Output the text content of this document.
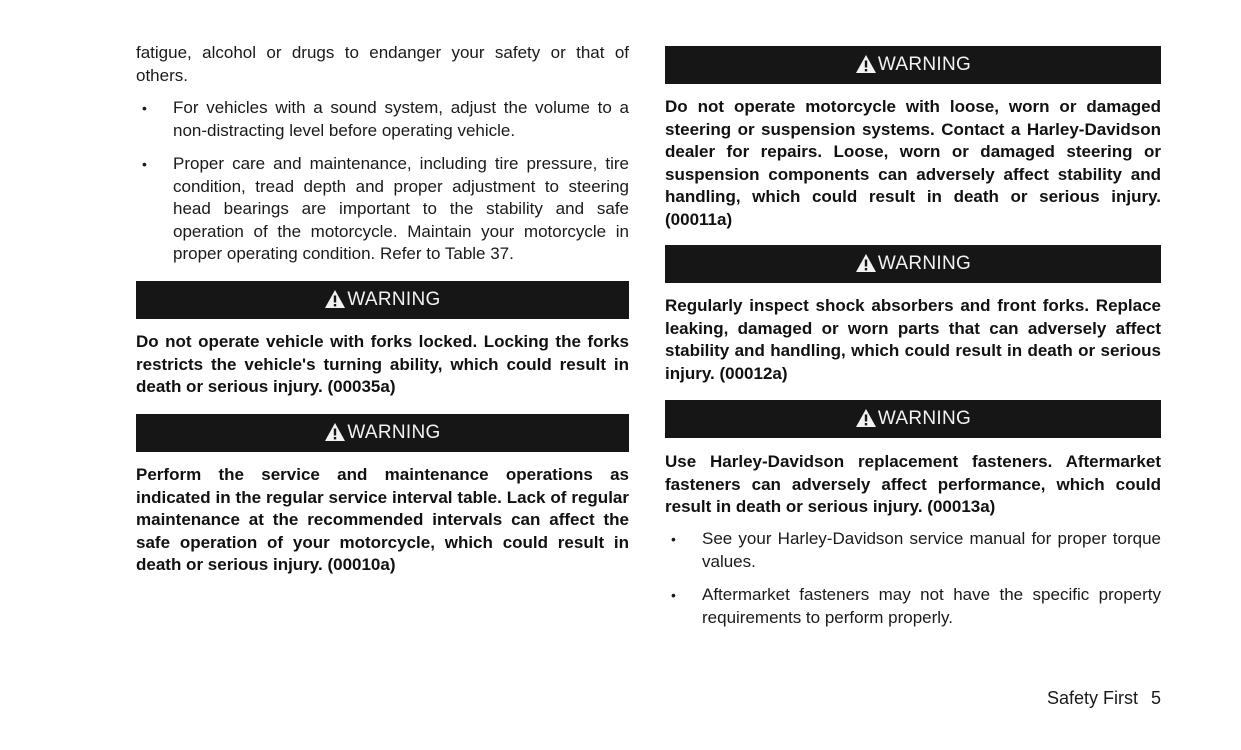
fatigue, alcohol or drugs to endanger your safety or that of others.

• For vehicles with a sound system, adjust the volume to a non-distracting level before operating vehicle.
• Proper care and maintenance, including tire pressure, tire condition, tread depth and proper adjustment to steering head bearings are important to the stability and safe operation of the motorcycle. Maintain your motorcycle in proper operating condition. Refer to Table 37.
WARNING

Do not operate vehicle with forks locked. Locking the forks restricts the vehicle's turning ability, which could result in death or serious injury. (00035a)

WARNING

Perform the service and maintenance operations as indicated in the regular service interval table. Lack of regular maintenance at the recommended intervals can affect the safe operation of your motorcycle, which could result in death or serious injury. (00010a)

WARNING

Do not operate motorcycle with loose, worn or damaged steering or suspension systems. Contact a Harley-Davidson dealer for repairs. Loose, worn or damaged steering or suspension components can adversely affect stability and handling, which could result in death or serious injury. (00011a)

WARNING

Regularly inspect shock absorbers and front forks. Replace leaking, damaged or worn parts that can adversely affect stability and handling, which could result in death or serious injury. (00012a)

WARNING

Use Harley-Davidson replacement fasteners. Aftermarket fasteners can adversely affect performance, which could result in death or serious injury. (00013a)

• See your Harley-Davidson service manual for proper torque values.
• Aftermarket fasteners may not have the specific property requirements to perform properly.
Safety First 5
